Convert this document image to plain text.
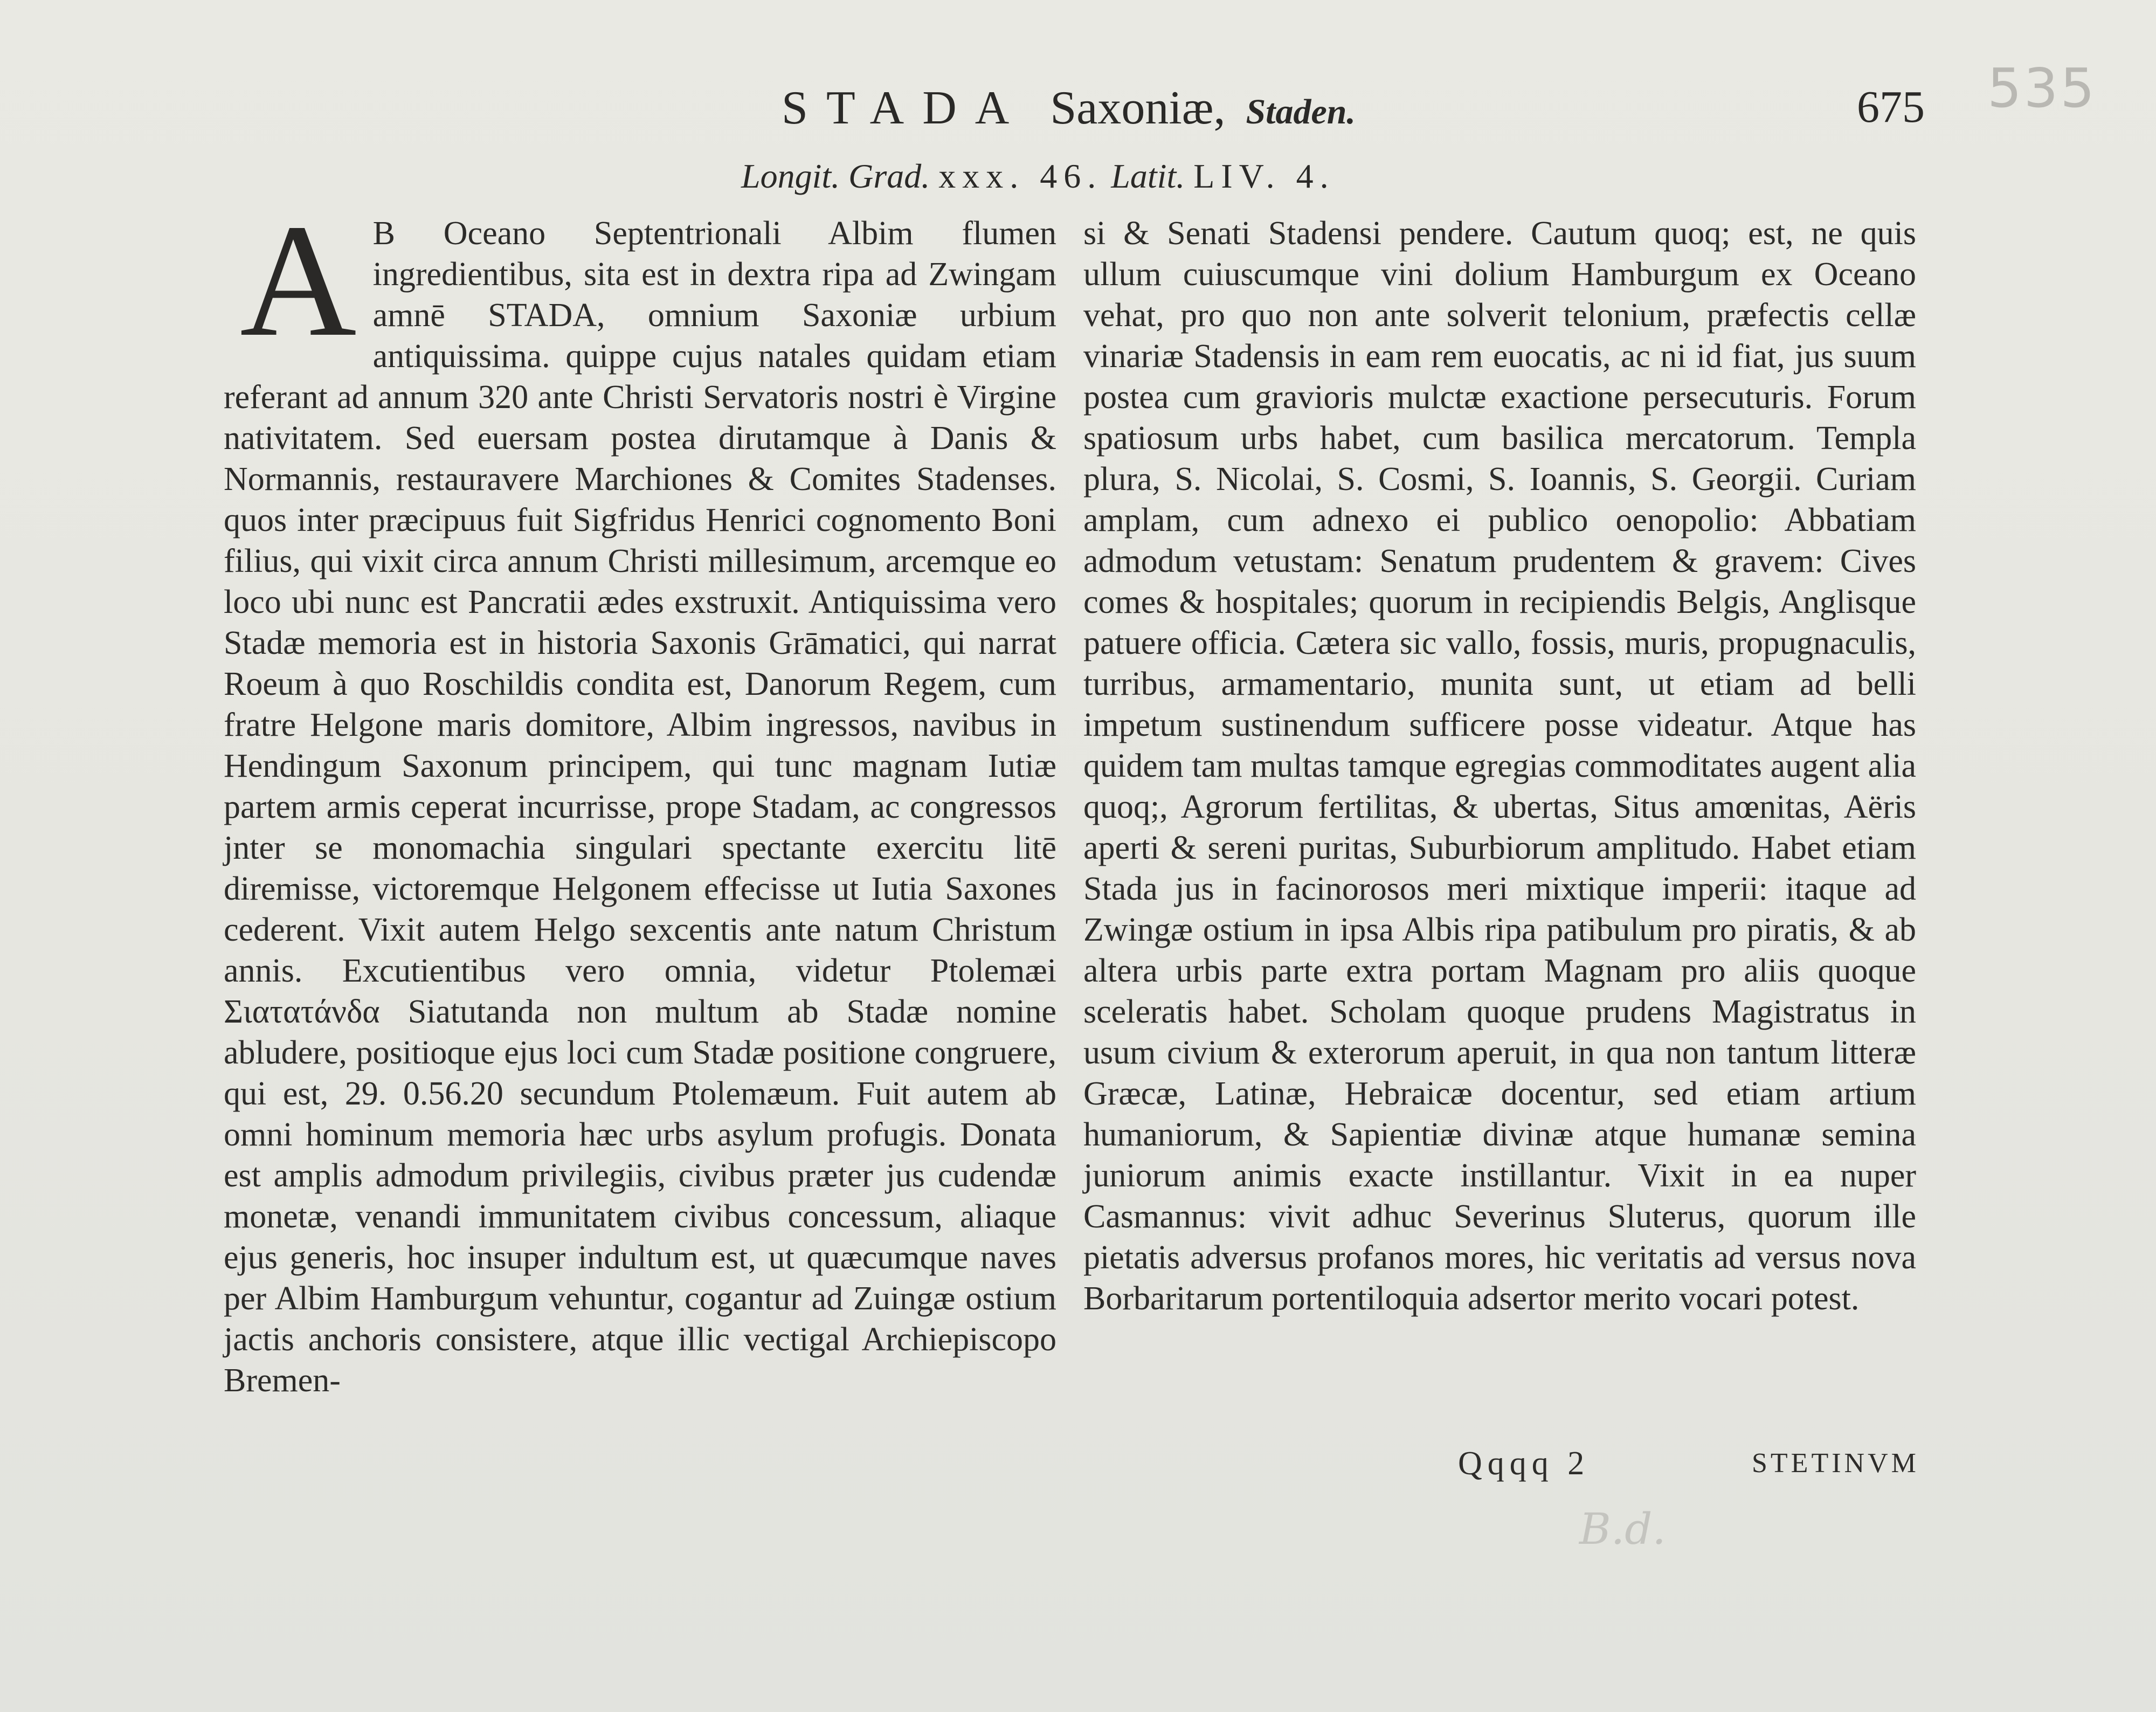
535
B.d.
STADA Saxoniæ, Staden.	675
Longit. Grad. xxx. 46. Latit. LIV. 4.
A B Oceano Septentrionali Albim flumen ingredientibus, sita est in dextra ripa ad Zwingam amnē STADA, omnium Saxoniæ urbium antiquissima. quippe cujus natales quidam etiam referant ad annum 320 ante Christi Servatoris nostri è Virgine nativitatem. Sed euersam postea dirutamque à Danis & Normannis, restauravere Marchiones & Comites Stadenses. quos inter præcipuus fuit Sigfridus Henrici cognomento Boni filius, qui vixit circa annum Christi millesimum, arcemque eo loco ubi nunc est Pancratii ædes exstruxit. Antiquissima vero Stadæ memoria est in historia Saxonis Grāmatici, qui narrat Roeum à quo Roschildis condita est, Danorum Regem, cum fratre Helgone maris domitore, Albim ingressos, navibus in Hendingum Saxonum principem, qui tunc magnam Iutiæ partem armis ceperat incurrisse, prope Stadam, ac congressos jnter se monomachia singulari spectante exercitu litē diremisse, victoremque Helgonem effecisse ut Iutia Saxones cederent. Vixit autem Helgo sexcentis ante natum Christum annis. Excutientibus vero omnia, videtur Ptolemæi Σιατατάνδα Siatutanda non multum ab Stadæ nomine abludere, positioque ejus loci cum Stadæ positione congruere, qui est, 29. 0.56.20 secundum Ptolemæum. Fuit autem ab omni hominum memoria hæc urbs asylum profugis. Donata est amplis admodum privilegiis, civibus præter jus cudendæ monetæ, venandi immunitatem civibus concessum, aliaque ejus generis, hoc insuper indultum est, ut quæcumque naves per Albim Hamburgum vehuntur, cogantur ad Zuingæ ostium jactis anchoris consistere, atque illic vectigal Archiepiscopo Bremen-
si & Senati Stadensi pendere. Cautum quoq; est, ne quis ullum cuiuscumque vini dolium Hamburgum ex Oceano vehat, pro quo non ante solverit telonium, præfectis cellæ vinariæ Stadensis in eam rem euocatis, ac ni id fiat, jus suum postea cum gravioris mulctæ exactione persecuturis. Forum spatiosum urbs habet, cum basilica mercatorum. Templa plura, S. Nicolai, S. Cosmi, S. Ioannis, S. Georgii. Curiam amplam, cum adnexo ei publico oenopolio: Abbatiam admodum vetustam: Senatum prudentem & gravem: Cives comes & hospitales; quorum in recipiendis Belgis, Anglisque patuere officia. Cætera sic vallo, fossis, muris, propugnaculis, turribus, armamentario, munita sunt, ut etiam ad belli impetum sustinendum sufficere posse videatur. Atque has quidem tam multas tamque egregias commoditates augent alia quoq;, Agrorum fertilitas, & ubertas, Situs amœnitas, Aëris aperti & sereni puritas, Suburbiorum amplitudo. Habet etiam Stada jus in facinorosos meri mixtique imperii: itaque ad Zwingæ ostium in ipsa Albis ripa patibulum pro piratis, & ab altera urbis parte extra portam Magnam pro aliis quoque sceleratis habet. Scholam quoque prudens Magistratus in usum civium & exterorum aperuit, in qua non tantum litteræ Græcæ, Latinæ, Hebraicæ docentur, sed etiam artium humaniorum, & Sapientiæ divinæ atque humanæ semina juniorum animis exacte instillantur. Vixit in ea nuper Casmannus: vivit adhuc Severinus Sluterus, quorum ille pietatis adversus profanos mores, hic veritatis ad versus nova Borbaritarum portentiloquia adsertor merito vocari potest.
Qqqq 2	STETINVM
